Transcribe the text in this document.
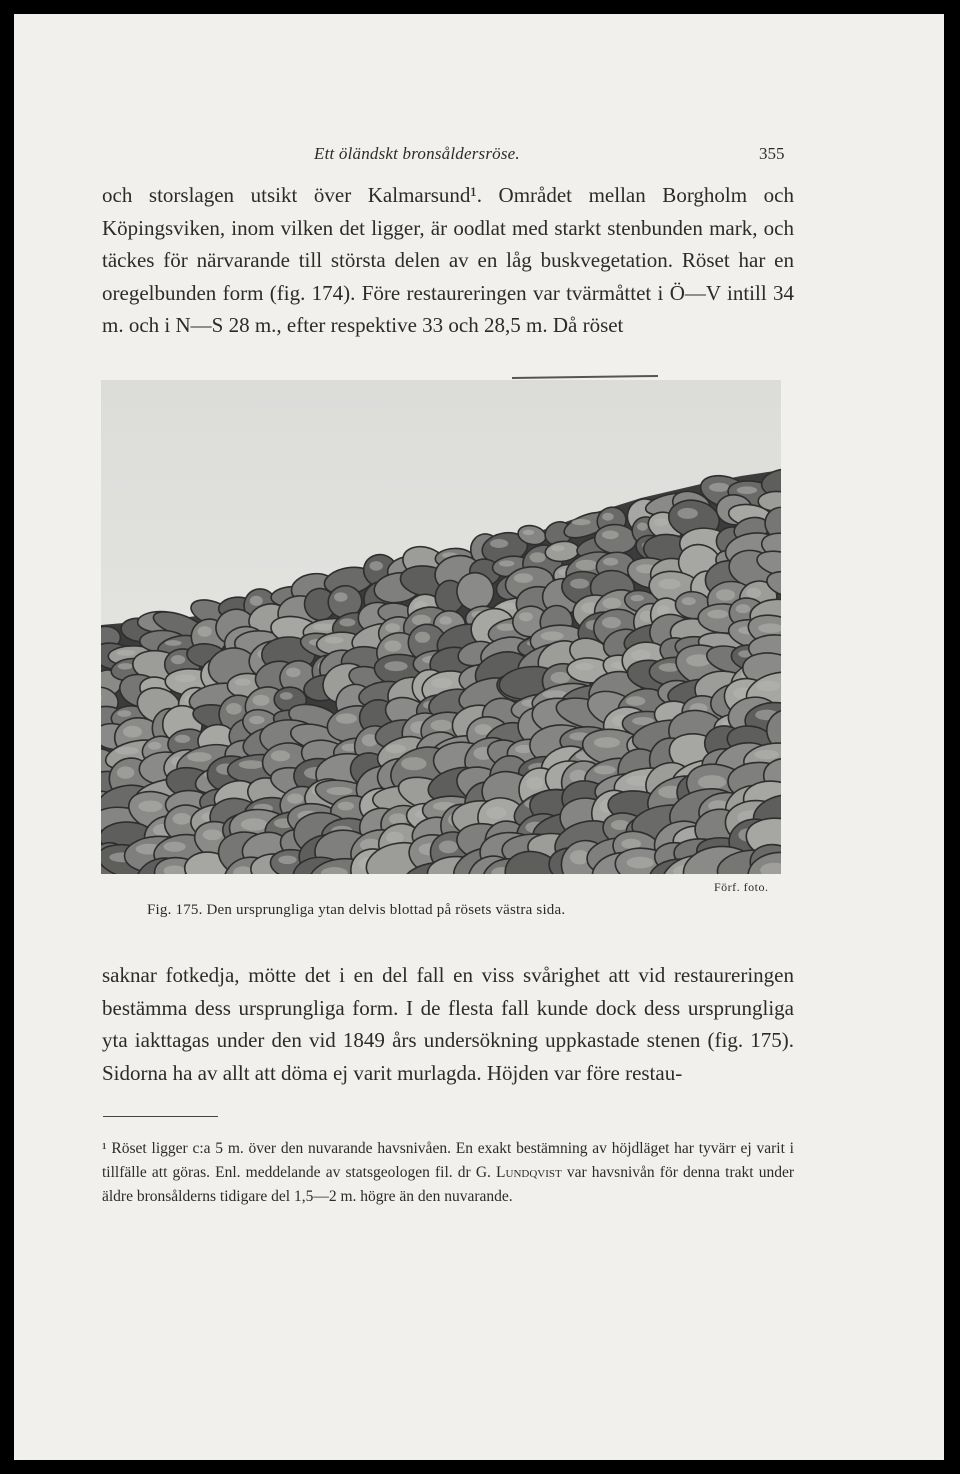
Ett öländskt bronsåldersröse.	355

och storslagen utsikt över Kalmarsund¹. Området mellan Borgholm och Köpingsviken, inom vilken det ligger, är oodlat med starkt stenbunden mark, och täckes för närvarande till största delen av en låg buskvegetation. Röset har en oregelbunden form (fig. 174). Före restaureringen var tvärmåttet i Ö—V intill 34 m. och i N—S 28 m., efter respektive 33 och 28,5 m. Då röset

Förf. foto.
Fig. 175. Den ursprungliga ytan delvis blottad på rösets västra sida.

saknar fotkedja, mötte det i en del fall en viss svårighet att vid restaureringen bestämma dess ursprungliga form. I de flesta fall kunde dock dess ursprungliga yta iakttagas under den vid 1849 års undersökning uppkastade stenen (fig. 175). Sidorna ha av allt att döma ej varit murlagda. Höjden var före restau-

¹ Röset ligger c:a 5 m. över den nuvarande havsnivåen. En exakt bestämning av höjdläget har tyvärr ej varit i tillfälle att göras. Enl. meddelande av statsgeologen fil. dr G. Lundqvist var havsnivån för denna trakt under äldre bronsålderns tidigare del 1,5—2 m. högre än den nuvarande.
